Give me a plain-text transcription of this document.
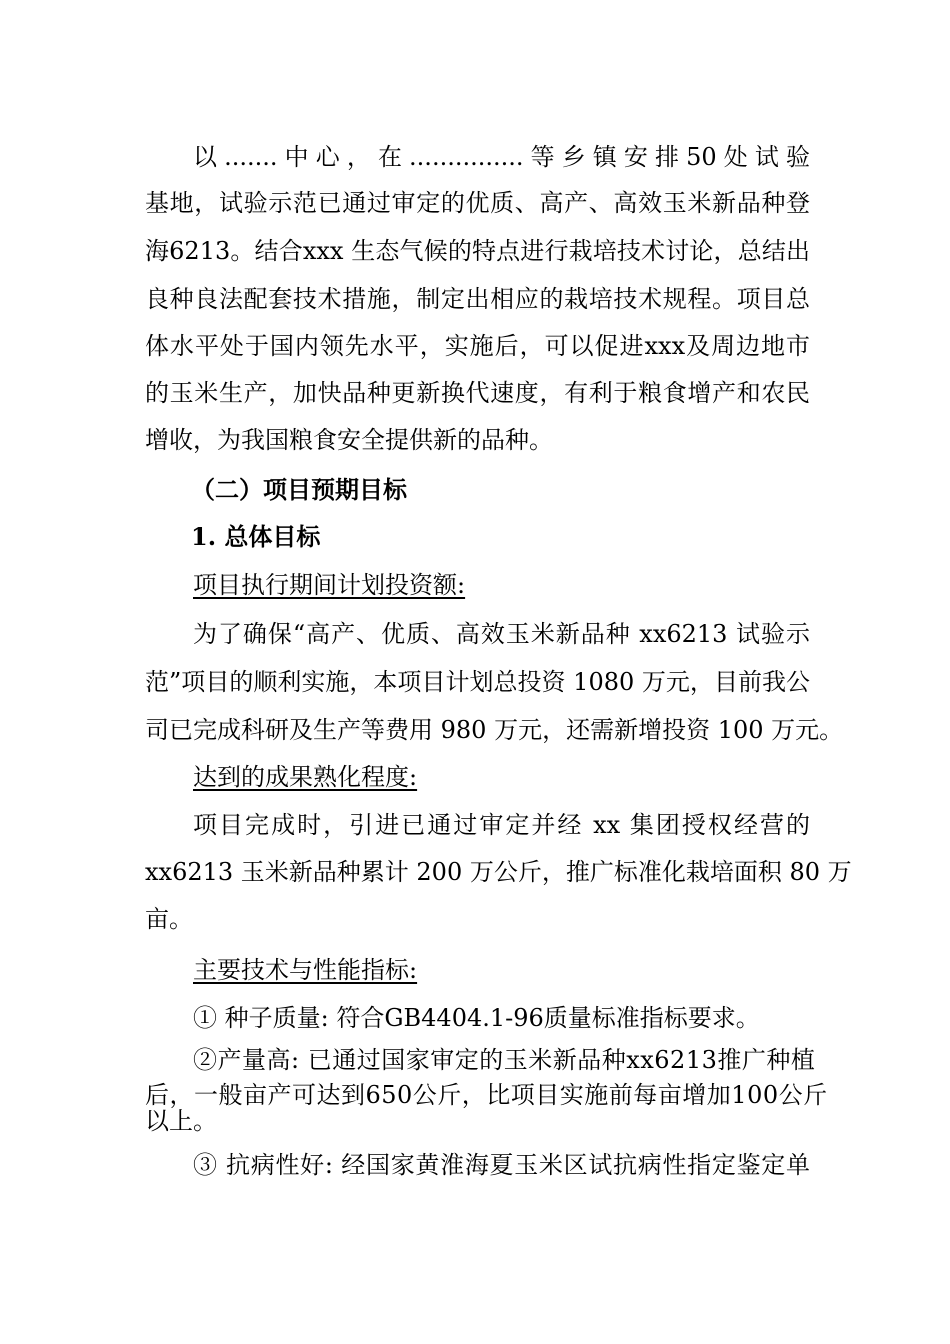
以.......中心，在...............等乡镇安排50处试验
基地，试验示范已通过审定的优质、高产、高效玉米新品种登
海6213。结合xxx 生态气候的特点进行栽培技术讨论，总结出
良种良法配套技术措施，制定出相应的栽培技术规程。项目总
体水平处于国内领先水平，实施后，可以促进xxx及周边地市
的玉米生产，加快品种更新换代速度，有利于粮食增产和农民
增收，为我国粮食安全提供新的品种。
（二）项目预期目标
1. 总体目标
项目执行期间计划投资额:
为了确保“高产、优质、高效玉米新品种 xx6213 试验示
范”项目的顺利实施，本项目计划总投资 1080 万元，目前我公
司已完成科研及生产等费用 980 万元，还需新增投资 100 万元。
达到的成果熟化程度:
项目完成时，引进已通过审定并经 xx 集团授权经营的
xx6213 玉米新品种累计 200 万公斤，推广标准化栽培面积 80 万
亩。
主要技术与性能指标:
① 种子质量: 符合GB4404.1-96质量标准指标要求。
②产量高: 已通过国家审定的玉米新品种xx6213推广种植
后，一般亩产可达到650公斤，比项目实施前每亩增加100公斤
以上。
③ 抗病性好: 经国家黄淮海夏玉米区试抗病性指定鉴定单
